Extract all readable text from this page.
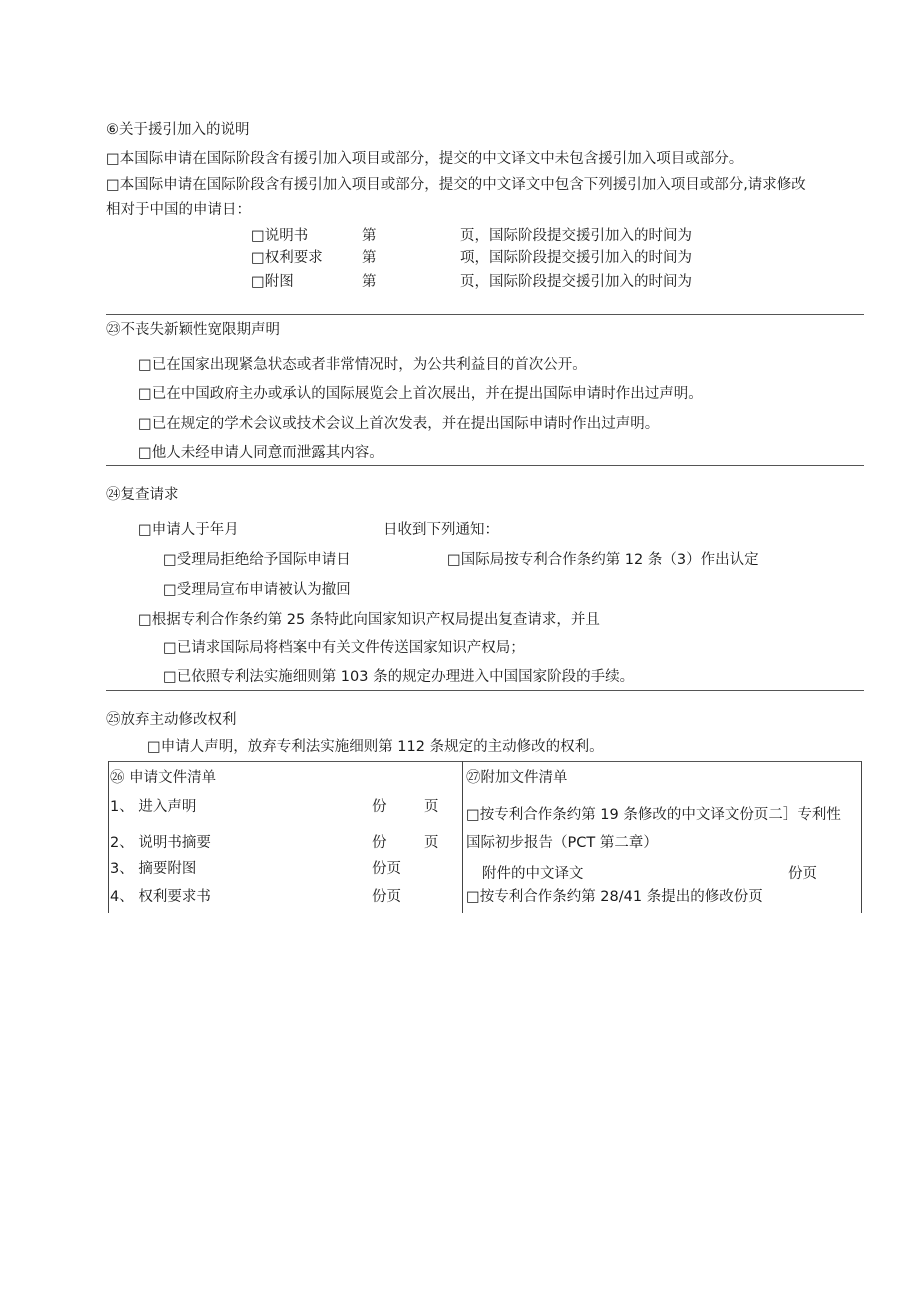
⑥关于援引加入的说明
□本国际申请在国际阶段含有援引加入项目或部分，提交的中文译文中未包含援引加入项目或部分。
□本国际申请在国际阶段含有援引加入项目或部分，提交的中文译文中包含下列援引加入项目或部分,请求修改
相对于中国的申请日：
□说明书	第	页，国际阶段提交援引加入的时间为
□权利要求	第	项，国际阶段提交援引加入的时间为
□附图	第	页，国际阶段提交援引加入的时间为
㉓不丧失新颖性宽限期声明
□已在国家出现紧急状态或者非常情况时，为公共利益目的首次公开。
□已在中国政府主办或承认的国际展览会上首次展出，并在提出国际申请时作出过声明。
□已在规定的学术会议或技术会议上首次发表，并在提出国际申请时作出过声明。
□他人未经申请人同意而泄露其内容。
㉔复查请求
□申请人于年月	日收到下列通知：
□受理局拒绝给予国际申请日	□国际局按专利合作条约第 12 条（3）作出认定
□受理局宣布申请被认为撤回
□根据专利合作条约第 25 条特此向国家知识产权局提出复查请求，并且
□已请求国际局将档案中有关文件传送国家知识产权局；
□已依照专利法实施细则第 103 条的规定办理进入中国国家阶段的手续。
㉕放弃主动修改权利
□申请人声明，放弃专利法实施细则第 112 条规定的主动修改的权利。
㉖ 申请文件清单
1、 进入声明	份	页
2、 说明书摘要	份	页
3、 摘要附图	份页
4、 权利要求书	份页
㉗附加文件清单
□按专利合作条约第 19 条修改的中文译文份页二］专利性
国际初步报告（PCT 第二章）
附件的中文译文	份页
□按专利合作条约第 28/41 条提出的修改份页
